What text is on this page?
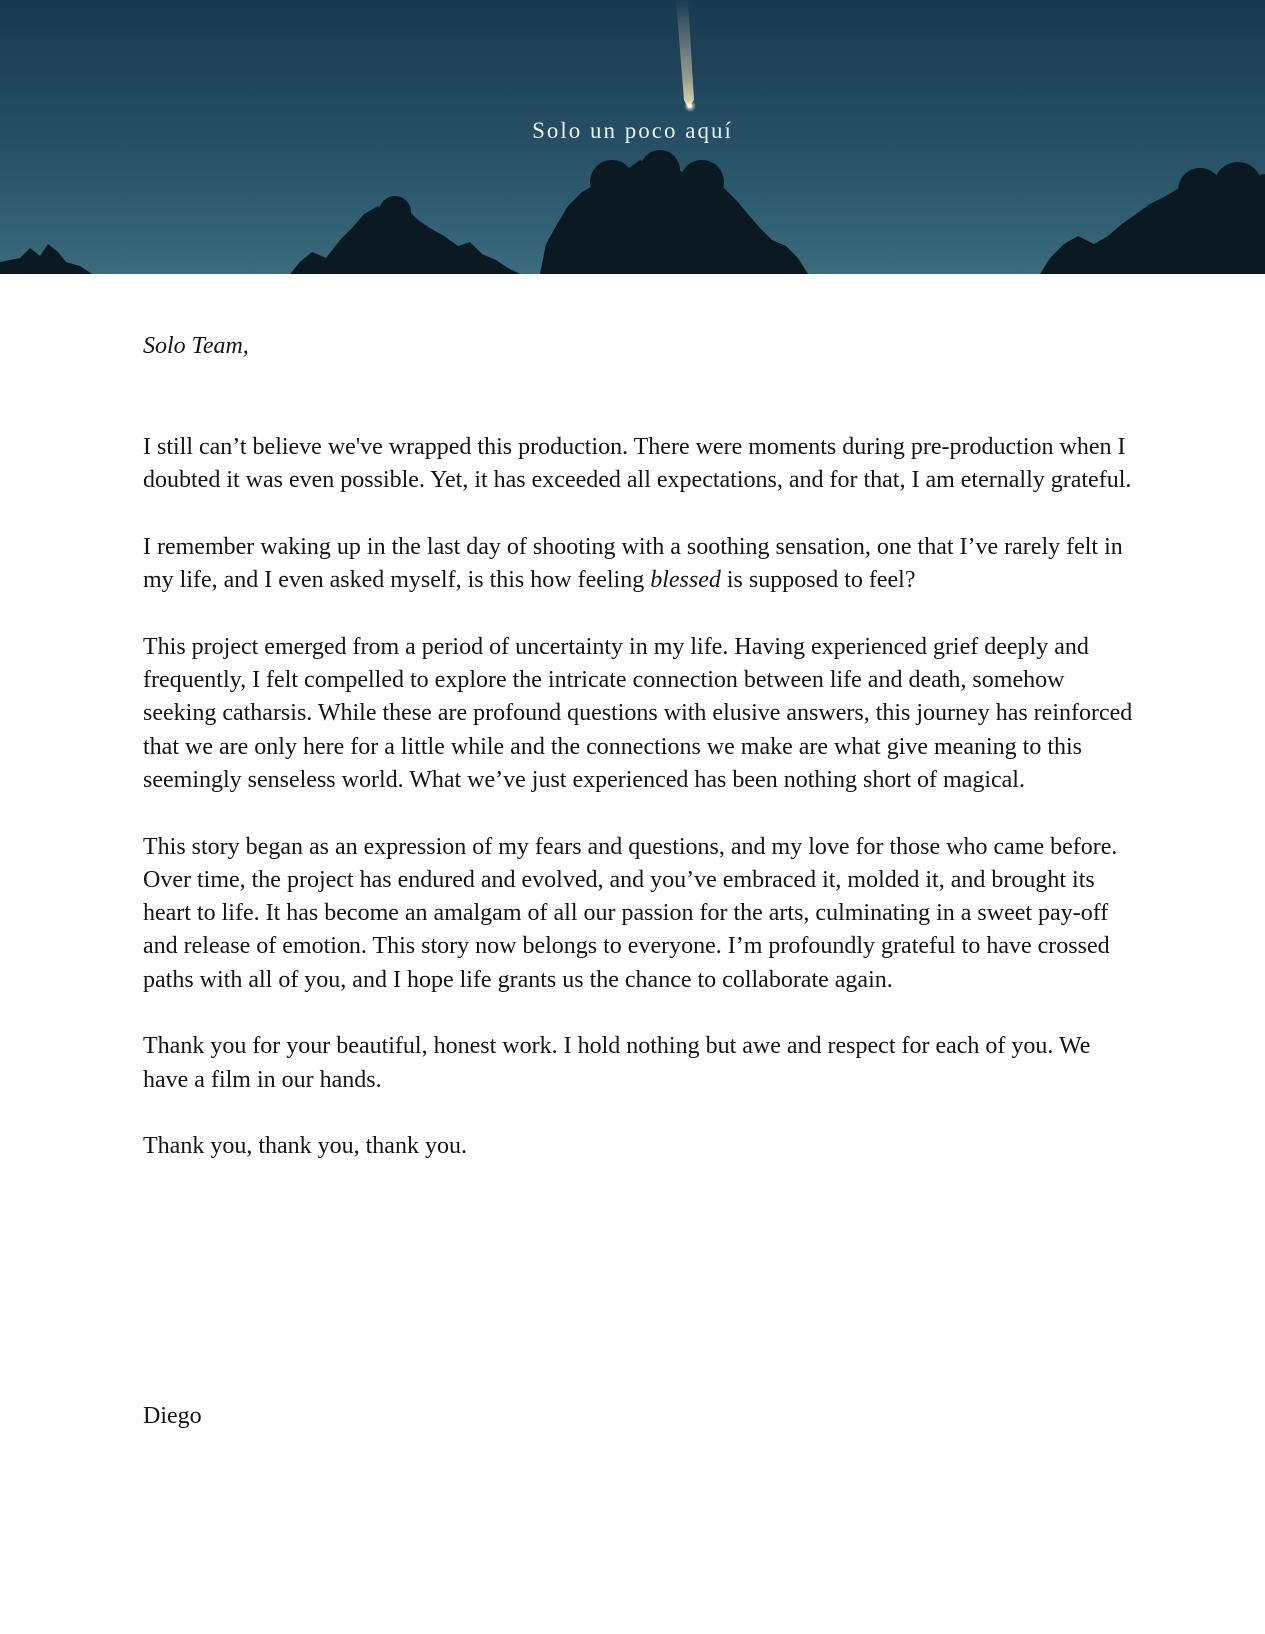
Solo un poco aquí

Solo Team,

I still can’t believe we've wrapped this production. There were moments during pre-production when I doubted it was even possible. Yet, it has exceeded all expectations, and for that, I am eternally grateful.

I remember waking up in the last day of shooting with a soothing sensation, one that I’ve rarely felt in my life, and I even asked myself, is this how feeling blessed is supposed to feel?

This project emerged from a period of uncertainty in my life. Having experienced grief deeply and frequently, I felt compelled to explore the intricate connection between life and death, somehow seeking catharsis. While these are profound questions with elusive answers, this journey has reinforced that we are only here for a little while and the connections we make are what give meaning to this seemingly senseless world. What we’ve just experienced has been nothing short of magical.

This story began as an expression of my fears and questions, and my love for those who came before. Over time, the project has endured and evolved, and you’ve embraced it, molded it, and brought its heart to life. It has become an amalgam of all our passion for the arts, culminating in a sweet pay-off and release of emotion. This story now belongs to everyone. I’m profoundly grateful to have crossed paths with all of you, and I hope life grants us the chance to collaborate again.

Thank you for your beautiful, honest work. I hold nothing but awe and respect for each of you. We have a film in our hands.

Thank you, thank you, thank you.

Diego
